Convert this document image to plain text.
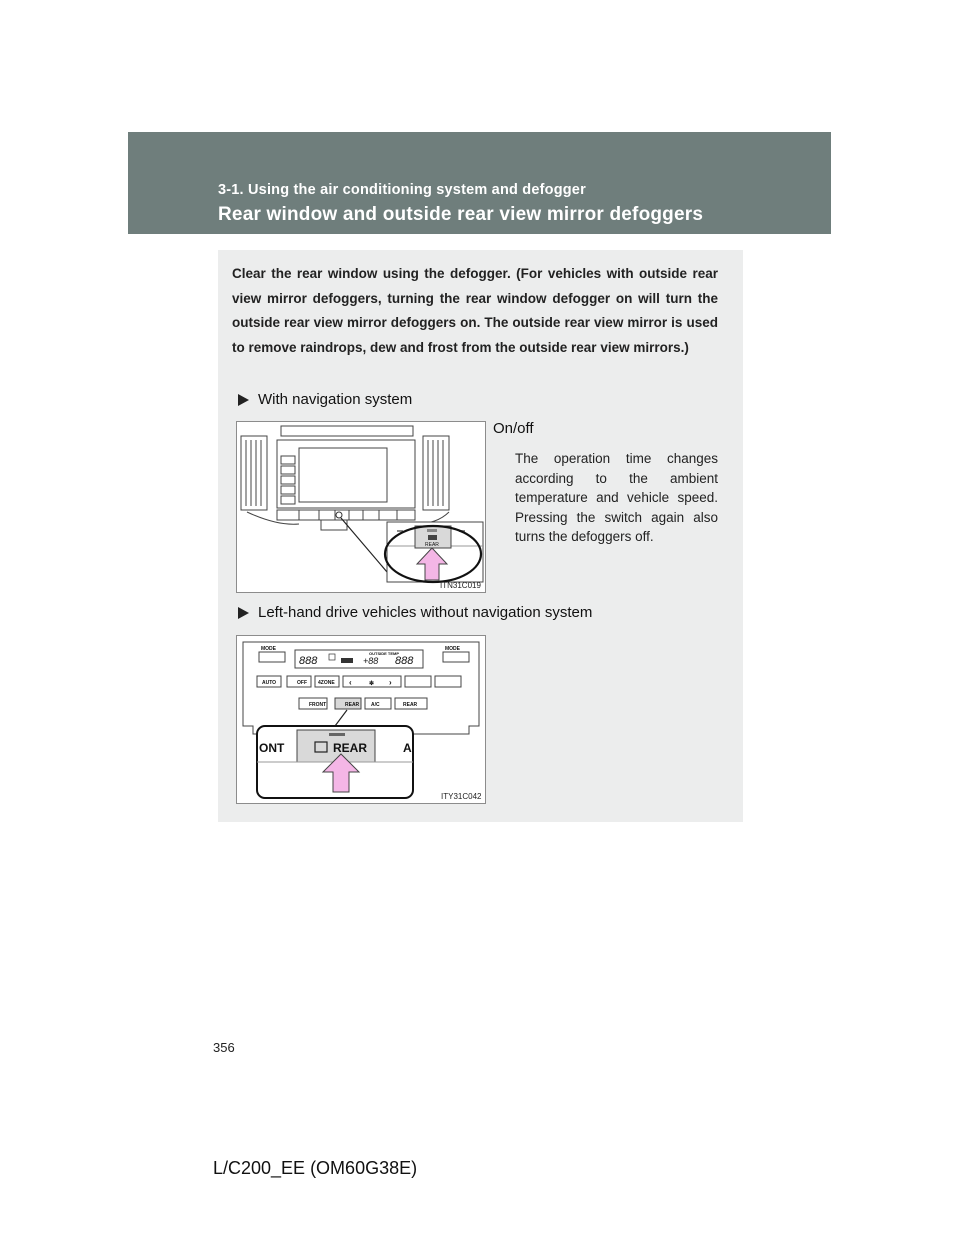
3-1. Using the air conditioning system and defogger
Rear window and outside rear view mirror defoggers
Clear the rear window using the defogger. (For vehicles with outside rear view mirror defoggers, turning the rear window defogger on will turn the outside rear view mirror defoggers on. The outside rear view mirror is used to remove raindrops, dew and frost from the outside rear view mirrors.)
With navigation system
REAR
ITN31C019
On/off
The operation time changes according to the ambient temperature and vehicle speed. Pressing the switch again also turns the defoggers off.
Left-hand drive vehicles without navigation system
MODE	MODE
888
OUTSIDE TEMP
+88 888
AUTO	OFF 4ZONE ‹	✻ ›
FRONT	REAR A/C	REAR
ONT	REAR	A
ITY31C042
356
L/C200_EE (OM60G38E)
